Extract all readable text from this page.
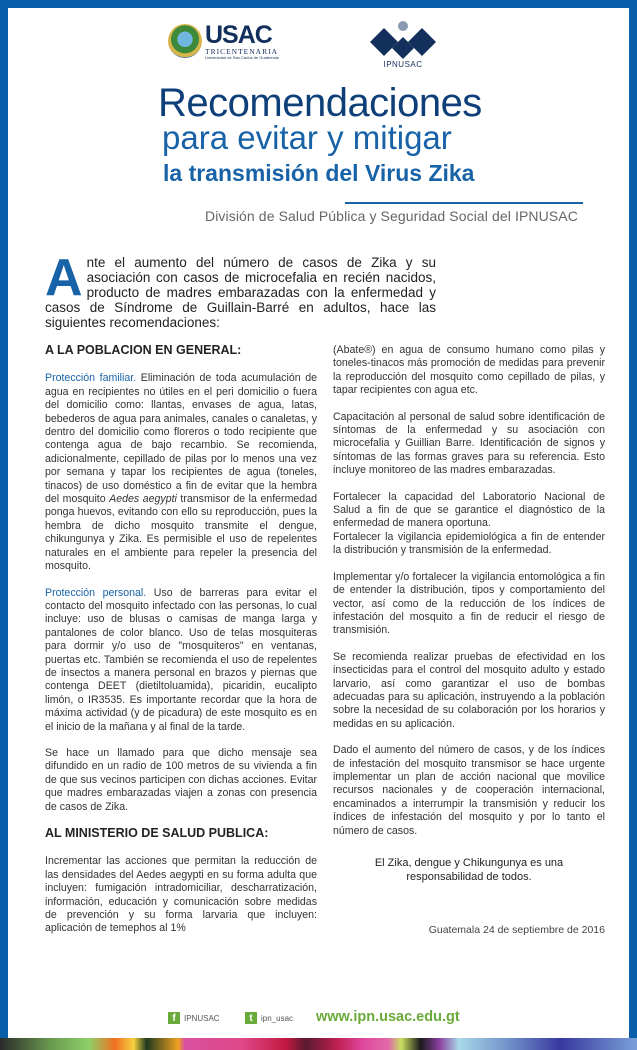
USAC
TRICENTENARIA
Universidad de San Carlos de Guatemala
IPNUSAC
Recomendaciones
para evitar y mitigar
la transmisión del Virus Zika
División de Salud Pública y Seguridad Social del IPNUSAC
Ante el aumento del número de casos de Zika y su asociación con casos de microcefalia en recién nacidos, producto de madres embarazadas con la enfermedad y casos de Síndrome de Guillain-Barré en adultos, hace las siguientes recomendaciones:
A LA POBLACION EN GENERAL:

Protección familiar. Eliminación de toda acumulación de agua en recipientes no útiles en el peri domicilio o fuera del domicilio como: llantas, envases de agua, latas, bebederos de agua para animales, canales o canaletas, y dentro del domicilio como floreros o todo recipiente que contenga agua de bajo recambio. Se recomienda, adicionalmente, cepillado de pilas por lo menos una vez por semana y tapar los recipientes de agua (toneles, tinacos) de uso doméstico a fin de evitar que la hembra del mosquito Aedes aegypti transmisor de la enfermedad ponga huevos, evitando con ello su reproducción, pues la hembra de dicho mosquito transmite el dengue, chikungunya y Zika. Es permisible el uso de repelentes naturales en el ambiente para repeler la presencia del mosquito.

Protección personal. Uso de barreras para evitar el contacto del mosquito infectado con las personas, lo cual incluye: uso de blusas o camisas de manga larga y pantalones de color blanco. Uso de telas mosquiteras para dormir y/o uso de "mosquiteros" en ventanas, puertas etc. También se recomienda el uso de repelentes de insectos a manera personal en brazos y piernas que contenga DEET (dietiltoluamida), picaridin, eucalipto limón, o IR3535. Es importante recordar que la hora de máxima actividad (y de picadura) de este mosquito es en el inicio de la mañana y al final de la tarde.

Se hace un llamado para que dicho mensaje sea difundido en un radio de 100 metros de su vivienda a fin de que sus vecinos participen con dichas acciones. Evitar que madres embarazadas viajen a zonas con presencia de casos de Zika.

AL MINISTERIO DE SALUD PUBLICA:

Incrementar las acciones que permitan la reducción de las densidades del Aedes aegypti en su forma adulta que incluyen: fumigación intradomiciliar, descharratización, información, educación y comunicación sobre medidas de prevención y su forma larvaria que incluyen: aplicación de temephos al 1%

(Abate®) en agua de consumo humano como pilas y toneles-tinacos más promoción de medidas para prevenir la reproducción del mosquito como cepillado de pilas, y tapar recipientes con agua etc.

Capacitación al personal de salud sobre identificación de síntomas de la enfermedad y su asociación con microcefalia y Guillian Barre. Identificación de signos y síntomas de las formas graves para su referencia. Esto incluye monitoreo de las madres embarazadas.

Fortalecer la capacidad del Laboratorio Nacional de Salud a fin de que se garantice el diagnóstico de la enfermedad de manera oportuna.

Fortalecer la vigilancia epidemiológica a fin de entender la distribución y transmisión de la enfermedad.

Implementar y/o fortalecer la vigilancia entomológica a fin de entender la distribución, tipos y comportamiento del vector, así como de la reducción de los índices de infestación del mosquito a fin de reducir el riesgo de transmisión.

Se recomienda realizar pruebas de efectividad en los insecticidas para el control del mosquito adulto y estado larvario, así como garantizar el uso de bombas adecuadas para su aplicación, instruyendo a la población sobre la necesidad de su colaboración por los horarios y medidas en su aplicación.

Dado el aumento del número de casos, y de los índices de infestación del mosquito transmisor se hace urgente implementar un plan de acción nacional que movilice recursos nacionales y de cooperación internacional, encaminados a interrumpir la transmisión y reducir los índices de infestación del mosquito y por lo tanto el número de casos.

El Zika, dengue y Chikungunya es una
responsabilidad de todos.
Guatemala 24 de septiembre de 2016
f	IPNUSAC	t	ipn_usac www.ipn.usac.edu.gt
